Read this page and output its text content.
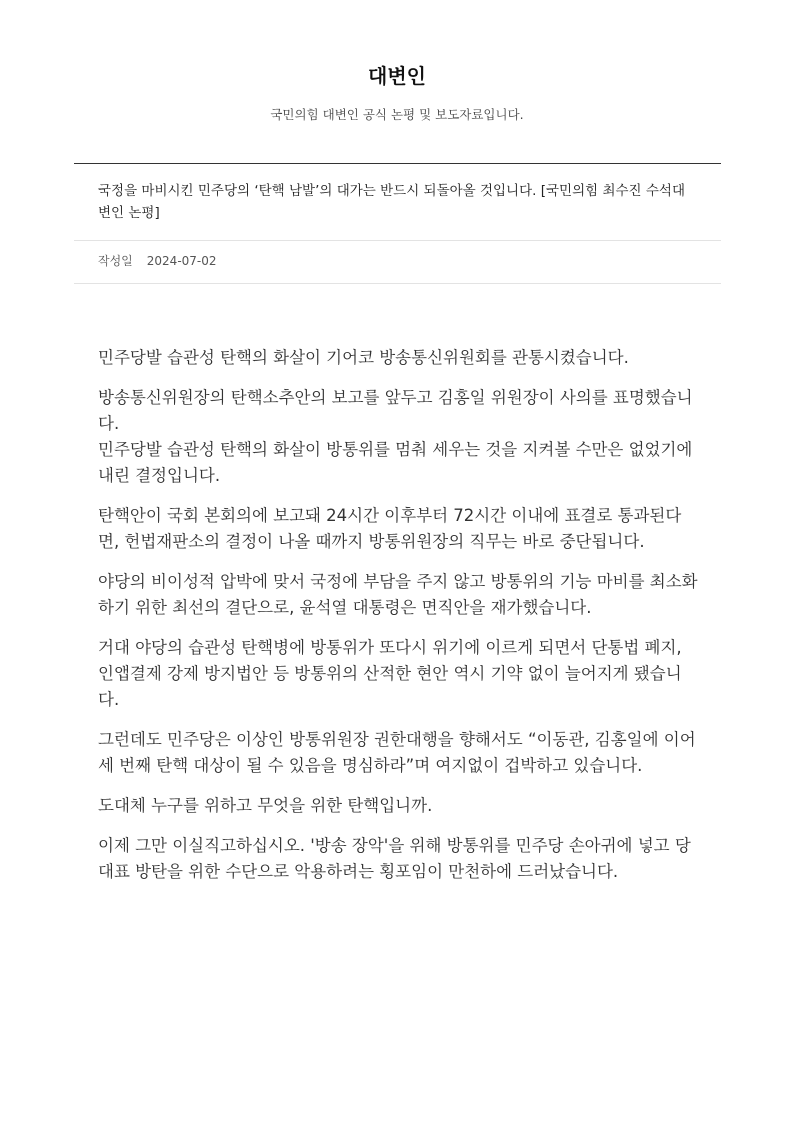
대변인
국민의힘 대변인 공식 논평 및 보도자료입니다.
국정을 마비시킨 민주당의 ‘탄핵 남발’의 대가는 반드시 되돌아올 것입니다. [국민의힘 최수진 수석대변인 논평]
작성일 2024-07-02

민주당발 습관성 탄핵의 화살이 기어코 방송통신위원회를 관통시켰습니다.

방송통신위원장의 탄핵소추안의 보고를 앞두고 김홍일 위원장이 사의를 표명했습니다.
민주당발 습관성 탄핵의 화살이 방통위를 멈춰 세우는 것을 지켜볼 수만은 없었기에 내린 결정입니다.

탄핵안이 국회 본회의에 보고돼 24시간 이후부터 72시간 이내에 표결로 통과된다면, 헌법재판소의 결정이 나올 때까지 방통위원장의 직무는 바로 중단됩니다.

야당의 비이성적 압박에 맞서 국정에 부담을 주지 않고 방통위의 기능 마비를 최소화하기 위한 최선의 결단으로, 윤석열 대통령은 면직안을 재가했습니다.

거대 야당의 습관성 탄핵병에 방통위가 또다시 위기에 이르게 되면서 단통법 폐지, 인앱결제 강제 방지법안 등 방통위의 산적한 현안 역시 기약 없이 늘어지게 됐습니다.

그런데도 민주당은 이상인 방통위원장 권한대행을 향해서도 “이동관, 김홍일에 이어 세 번째 탄핵 대상이 될 수 있음을 명심하라”며 여지없이 겁박하고 있습니다.

도대체 누구를 위하고 무엇을 위한 탄핵입니까.

이제 그만 이실직고하십시오. '방송 장악'을 위해 방통위를 민주당 손아귀에 넣고 당대표 방탄을 위한 수단으로 악용하려는 횡포임이 만천하에 드러났습니다.
